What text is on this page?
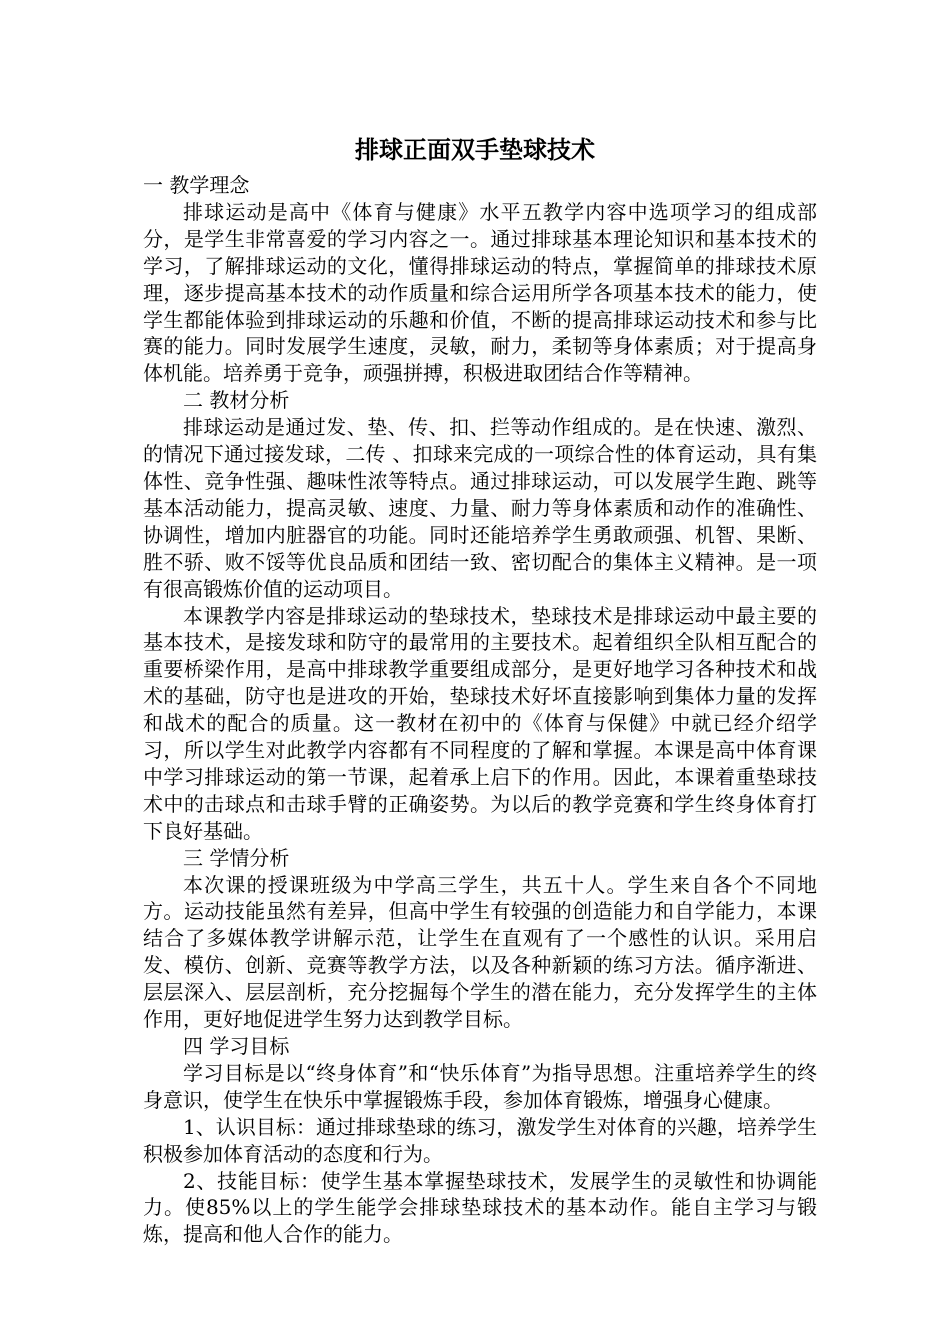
排球正面双手垫球技术

一 教学理念

排球运动是高中《体育与健康》水平五教学内容中选项学习的组成部分，是学生非常喜爱的学习内容之一。通过排球基本理论知识和基本技术的学习，了解排球运动的文化，懂得排球运动的特点，掌握简单的排球技术原理，逐步提高基本技术的动作质量和综合运用所学各项基本技术的能力，使学生都能体验到排球运动的乐趣和价值，不断的提高排球运动技术和参与比赛的能力。同时发展学生速度，灵敏，耐力，柔韧等身体素质；对于提高身体机能。培养勇于竞争，顽强拼搏，积极进取团结合作等精神。

二 教材分析

排球运动是通过发、垫、传、扣、拦等动作组成的。是在快速、激烈、的情况下通过接发球，二传 、扣球来完成的一项综合性的体育运动，具有集体性、竞争性强、趣味性浓等特点。通过排球运动，可以发展学生跑、跳等基本活动能力，提高灵敏、速度、力量、耐力等身体素质和动作的准确性、协调性，增加内脏器官的功能。同时还能培养学生勇敢顽强、机智、果断、胜不骄、败不馁等优良品质和团结一致、密切配合的集体主义精神。是一项有很高锻炼价值的运动项目。

本课教学内容是排球运动的垫球技术，垫球技术是排球运动中最主要的基本技术，是接发球和防守的最常用的主要技术。起着组织全队相互配合的重要桥梁作用，是高中排球教学重要组成部分，是更好地学习各种技术和战术的基础，防守也是进攻的开始，垫球技术好坏直接影响到集体力量的发挥和战术的配合的质量。这一教材在初中的《体育与保健》中就已经介绍学习，所以学生对此教学内容都有不同程度的了解和掌握。本课是高中体育课中学习排球运动的第一节课，起着承上启下的作用。因此，本课着重垫球技术中的击球点和击球手臂的正确姿势。为以后的教学竞赛和学生终身体育打下良好基础。

三 学情分析

本次课的授课班级为中学高三学生，共五十人。学生来自各个不同地方。运动技能虽然有差异，但高中学生有较强的创造能力和自学能力，本课结合了多媒体教学讲解示范，让学生在直观有了一个感性的认识。采用启发、模仿、创新、竞赛等教学方法，以及各种新颖的练习方法。循序渐进、层层深入、层层剖析，充分挖掘每个学生的潜在能力，充分发挥学生的主体作用，更好地促进学生努力达到教学目标。

四 学习目标

学习目标是以“终身体育”和“快乐体育”为指导思想。注重培养学生的终身意识，使学生在快乐中掌握锻炼手段，参加体育锻炼，增强身心健康。

1、认识目标：通过排球垫球的练习，激发学生对体育的兴趣，培养学生积极参加体育活动的态度和行为。

2、技能目标：使学生基本掌握垫球技术，发展学生的灵敏性和协调能力。使85%以上的学生能学会排球垫球技术的基本动作。能自主学习与锻炼，提高和他人合作的能力。
